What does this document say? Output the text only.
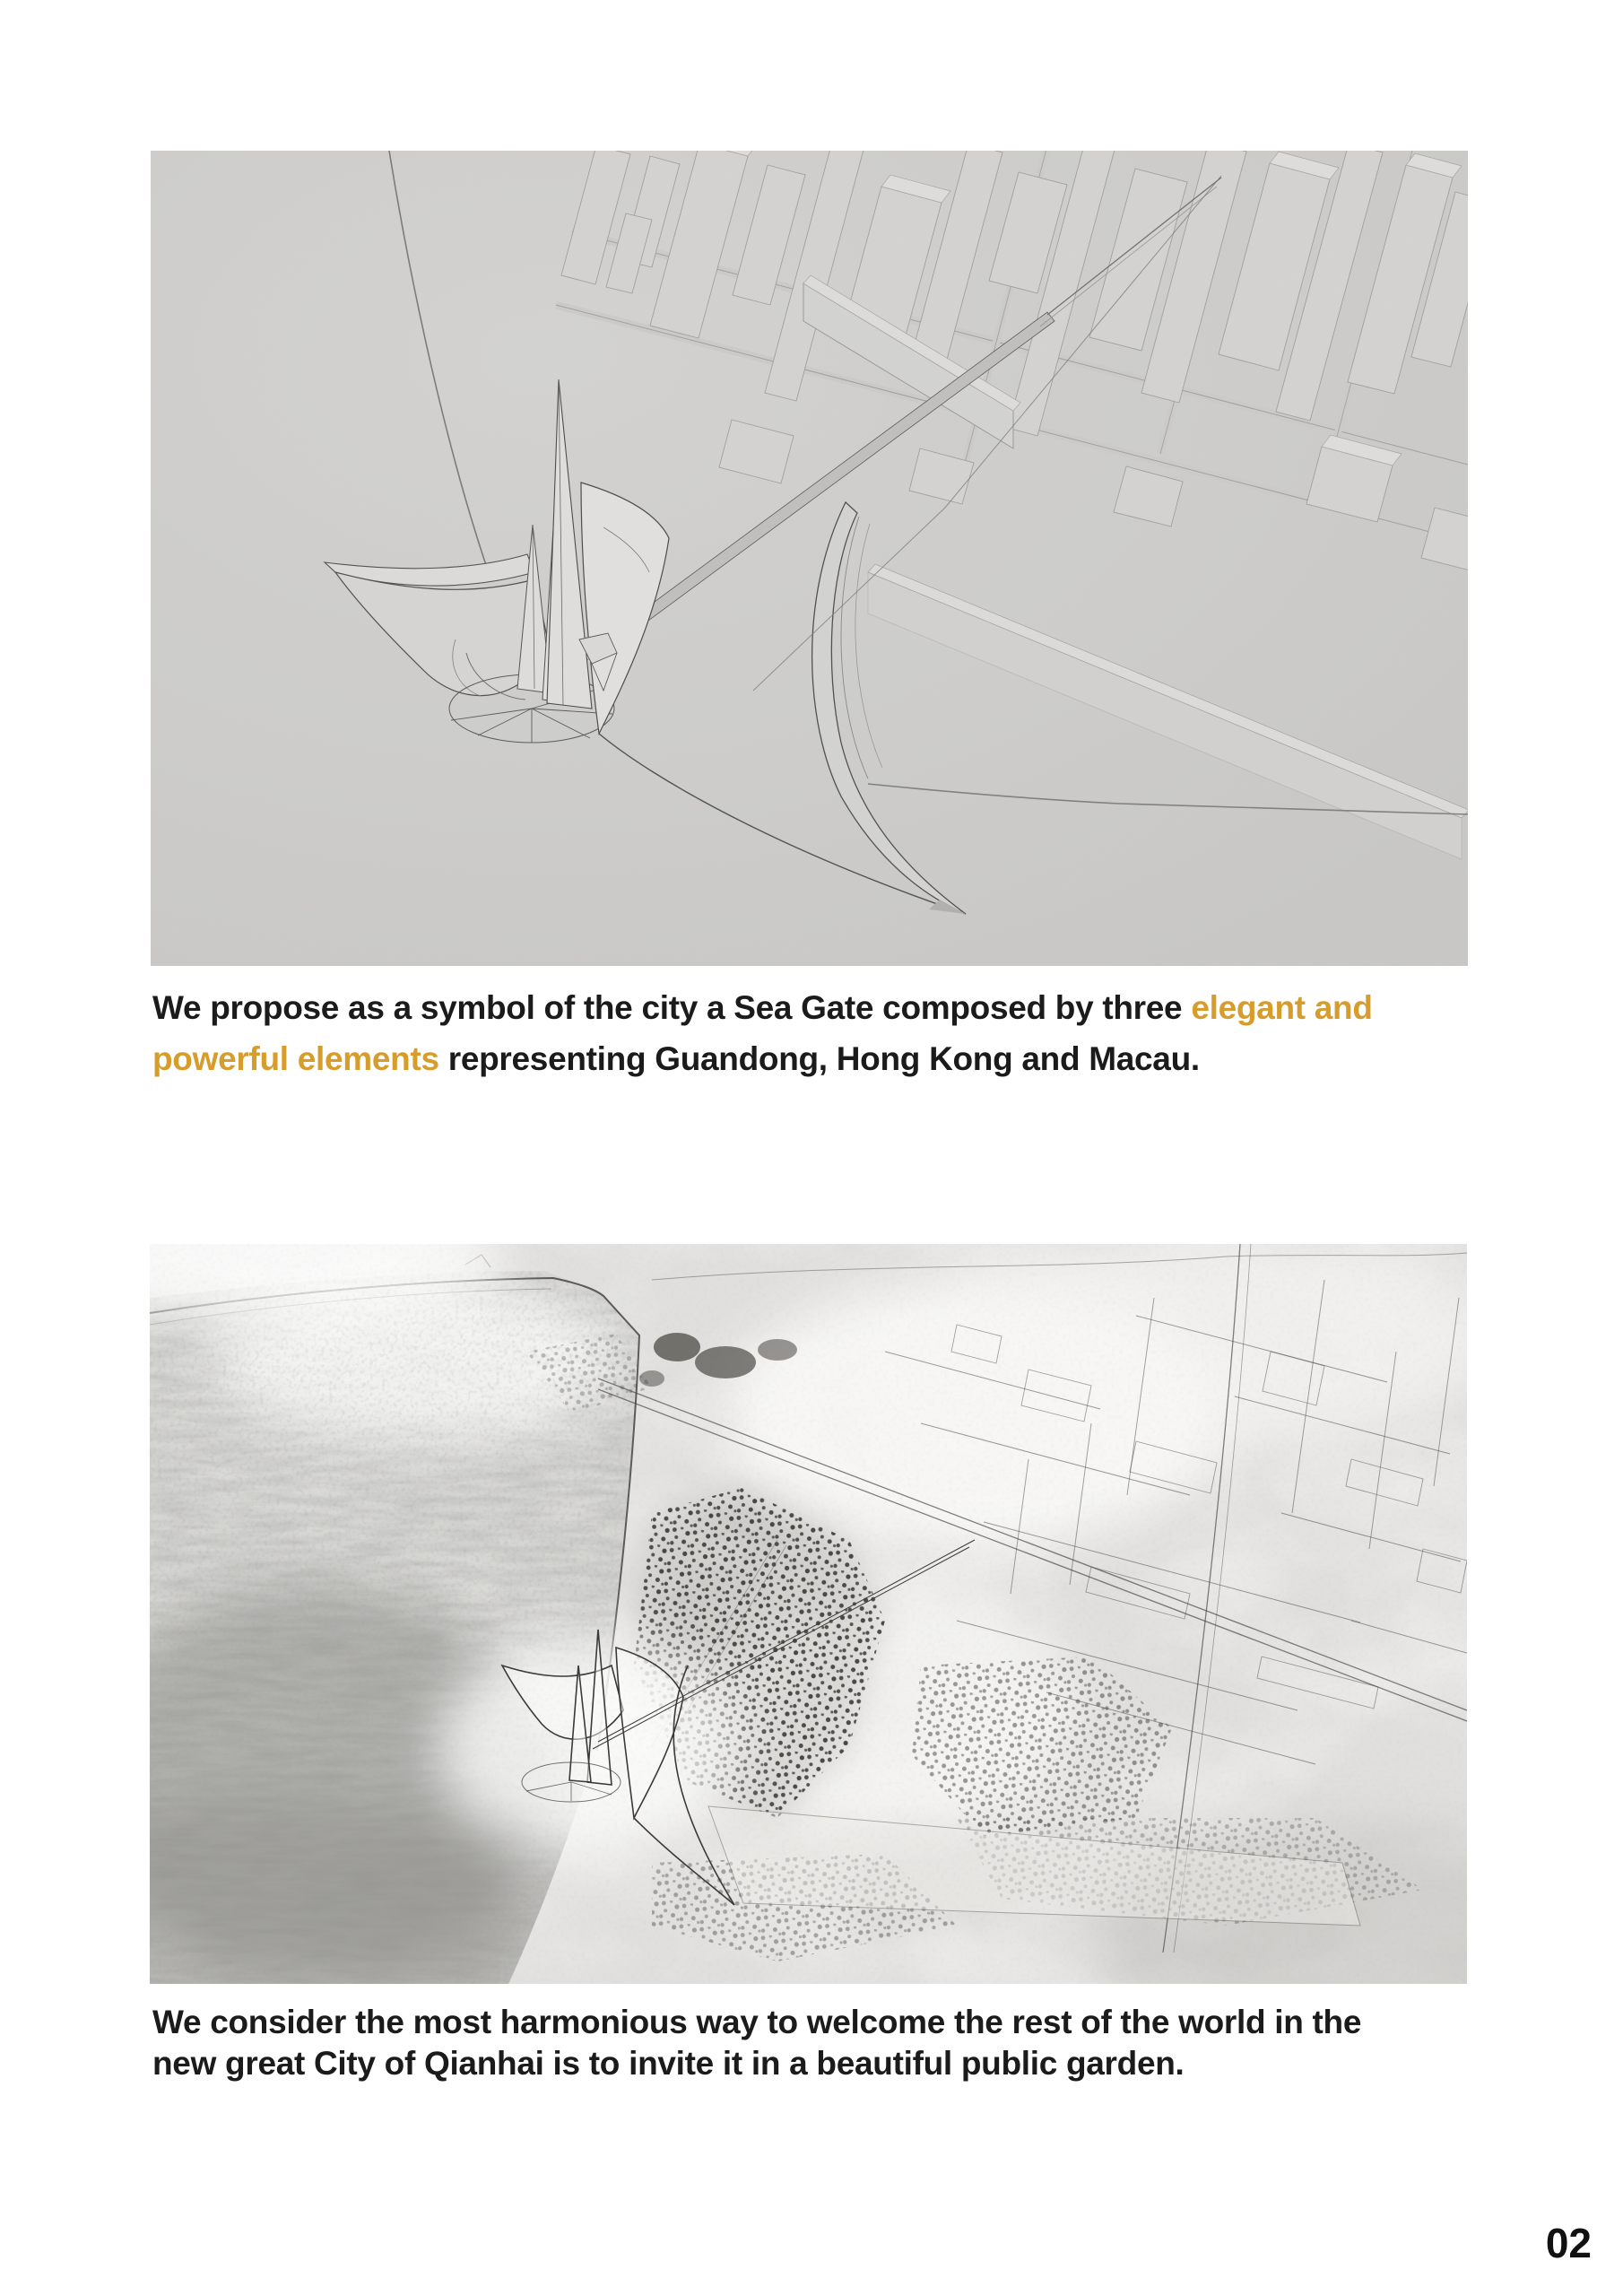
We propose as a symbol of the city a Sea Gate composed by three elegant and
powerful elements representing Guandong, Hong Kong and Macau.
We consider the most harmonious way to welcome the rest of the world in the
new great City of Qianhai is to invite it in a beautiful public garden.
02
